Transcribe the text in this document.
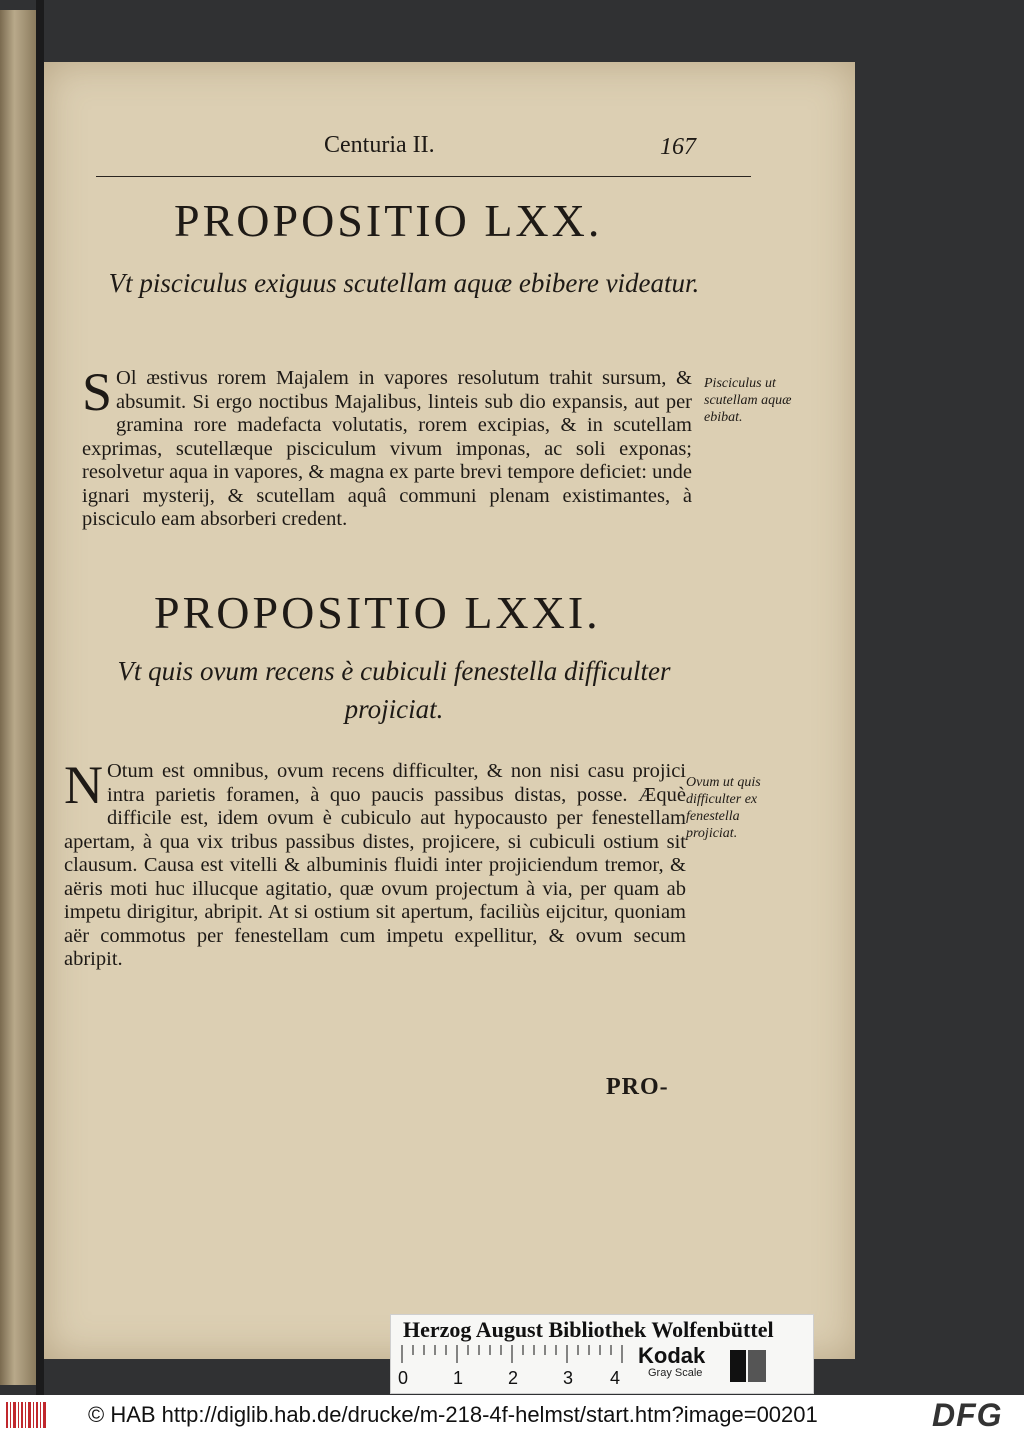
Centuria II.	167

PROPOSITIO LXX.

Vt pisciculus exiguus scutellam aquæ ebibere videatur.

S Ol æstivus rorem Majalem in vapores resolutum trahit sursum, & absumit. Si ergo noctibus Majalibus, linteis sub dio expansis, aut per gramina rore madefacta volutatis, rorem excipias, & in scutellam exprimas, scutellæque pisciculum vivum imponas, ac soli exponas; resolvetur aqua in vapores, & magna ex parte brevi tempore deficiet: unde ignari mysterij, & scutellam aquâ communi plenam existimantes, à pisciculo eam absorberi credent.

Pisciculus ut scutellam aquæ ebibat.

PROPOSITIO LXXI.

Vt quis ovum recens è cubiculi fenestella difficulter projiciat.

N Otum est omnibus, ovum recens difficulter, & non nisi casu projici intra parietis foramen, à quo paucis passibus distas, posse. Æquè difficile est, idem ovum è cubiculo aut hypocausto per fenestellam apertam, à qua vix tribus passibus distes, projicere, si cubiculi ostium sit clausum. Causa est vitelli & albuminis fluidi inter projiciendum tremor, & aëris moti huc illucque agitatio, quæ ovum projectum à via, per quam ab impetu dirigitur, abripit. At si ostium sit apertum, faciliùs eijcitur, quoniam aër commotus per fenestellam cum impetu expellitur, & ovum secum abripit.

Ovum ut quis difficulter ex fenestella projiciat.

PRO-

Herzog August Bibliothek Wolfenbüttel
0 1 2 3 4
Kodak
Gray Scale
© HAB http://diglib.hab.de/drucke/m-218-4f-helmst/start.htm?image=00201	DFG
